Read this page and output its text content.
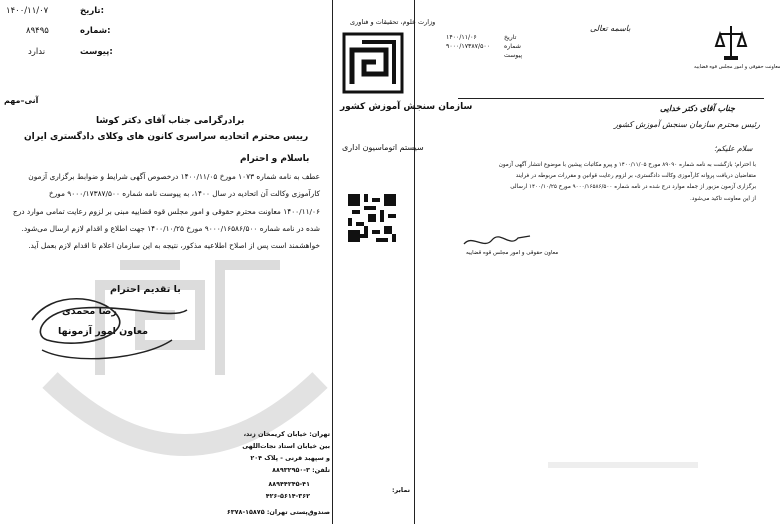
تاریخ:
۱۴۰۰/۱۱/۰۷
شماره:
۸۹۴۹۵
پیوست:
ندارد
آنی–مهم
برادرگرامی جناب آقای دکتر کوشا
رییس محترم اتحادیه سراسری کانون های وکلای دادگستری ایران
باسلام و احترام
عطف به نامه شماره ۱۰۷۳ مورخ ۱۴۰۰/۱۱/۰۵ درخصوص آگهی شرایط و ضوابط برگزاری آزمون
کارآموزی وکالت آن اتحادیه در سال ۱۴۰۰، به پیوست نامه شماره ۹۰۰۰/۱۷۳۸۷/۵۰۰ مورخ
۱۴۰۰/۱۱/۰۶ معاونت محترم حقوقی و امور مجلس قوه قضاییه مبنی بر لزوم رعایت تمامی موارد درج
شده در نامه شماره ۹۰۰۰/۱۶۵۸۶/۵۰۰ مورخ ۱۴۰۰/۱۰/۲۵ جهت اطلاع و اقدام لازم ارسال می‌شود.
خواهشمند است پس از اصلاح اطلاعیه مذکور، نتیجه به این سازمان اعلام تا اقدام لازم بعمل آید.
با تقدیم احترام
رضا محمدی
معاون امور آزمونها
وزارت علوم، تحقیقات و فناوری
سازمان سنجش آموزش کشور
سیستم اتوماسیون اداری
تهران: خیابان کریمخان زند،
بین خیابان استاد نجات‌اللهی
و سپهبد قرنی - پلاک ۲۰۴
تلفن: ۳-۸۸۹۳۲۹۵۰
۸۸۹۴۴۲۴۵-۴۱
نمابر:
۴۲۶-۵۶۱۴-۳۶۲
صندوق‌پستی تهران: ۱۵۸۷۵-۶۳۷۸
۱۴۰۰/۱۱/۰۶
۹۰۰۰/۱۷۳۸۷/۵۰۰
تاریخ
شماره
پیوست
باسمه تعالی
معاونت حقوقی و امور مجلس قوه قضاییه
جناب آقای دکتر خدایی
رئیس محترم سازمان سنجش آموزش کشور
سلام علیکم؛
با احترام؛ بازگشت به نامه شماره ۸۹۰۹۰ مورخ ۱۴۰۰/۱۱/۰۵ و پیرو مکاتبات پیشین با موضوع انتشار آگهی آزمون
متقاضیان دریافت پروانه کارآموزی وکالت دادگستری، بر لزوم رعایت قوانین و مقررات مربوطه در فرایند
برگزاری آزمون مزبور از جمله موارد درج شده در نامه شماره ۹۰۰۰/۱۶۵۸۶/۵۰۰ مورخ ۱۴۰۰/۱۰/۲۵ ارسالی
از این معاونت تاکید می‌شود.
معاون حقوقی و امور مجلس قوه قضاییه
